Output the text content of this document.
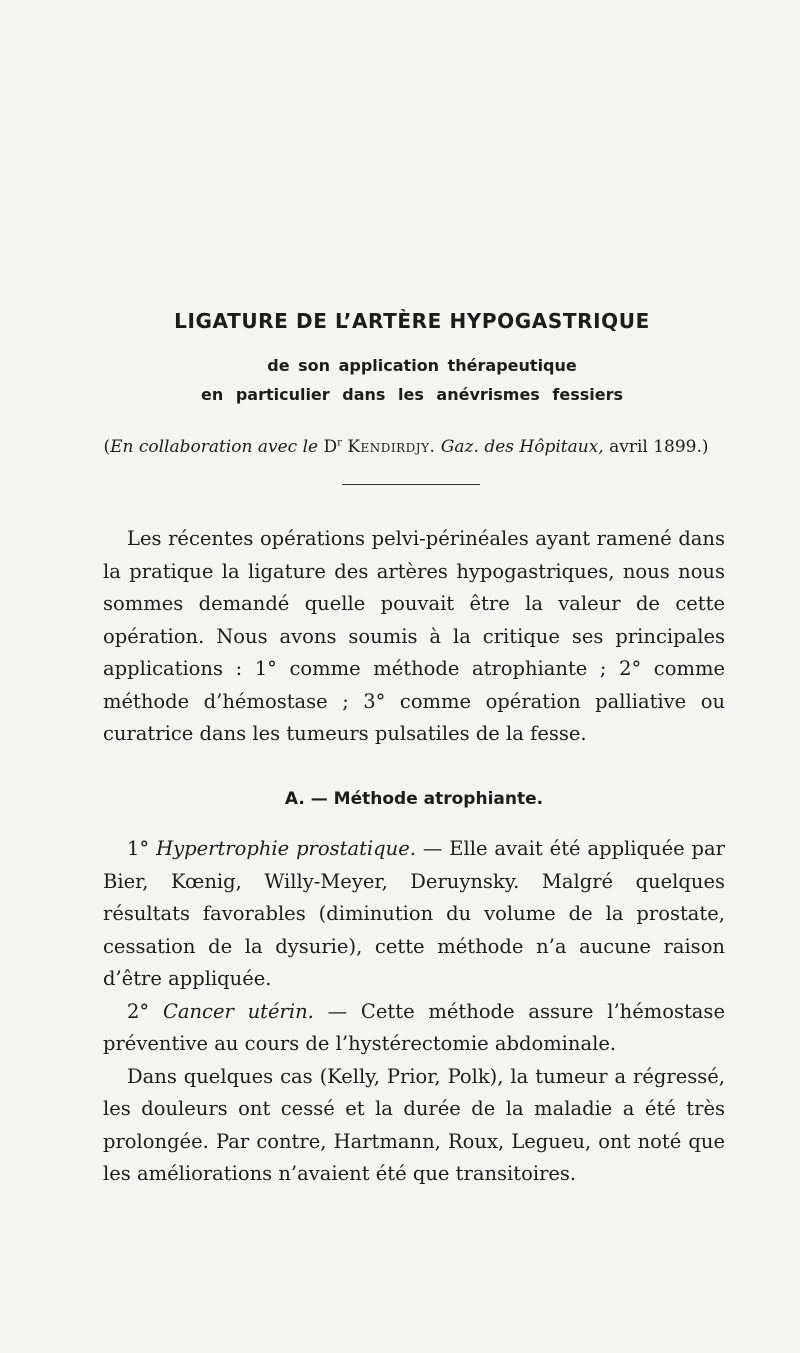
LIGATURE DE L’ARTÈRE HYPOGASTRIQUE
de son application thérapeutique
en particulier dans les anévrismes fessiers
(En collaboration avec le $D^r$ Kendirdjy. Gaz. des Hôpitaux, avril 1899.)

Les récentes opérations pelvi-périnéales ayant ramené dans la pratique la ligature des artères hypogastriques, nous nous sommes demandé quelle pouvait être la valeur de cette opération. Nous avons soumis à la critique ses principales applications : 1° comme méthode atrophiante ; 2° comme méthode d’hémostase ; 3° comme opération palliative ou curatrice dans les tumeurs pulsatiles de la fesse.

A. — Méthode atrophiante.

1° Hypertrophie prostatique. — Elle avait été appliquée par Bier, Kœnig, Willy-Meyer, Deruynsky. Malgré quelques résultats favorables (diminution du volume de la prostate, cessation de la dysurie), cette méthode n’a aucune raison d’être appliquée.

2° Cancer utérin. — Cette méthode assure l’hémostase préventive au cours de l’hystérectomie abdominale.

Dans quelques cas (Kelly, Prior, Polk), la tumeur a régressé, les douleurs ont cessé et la durée de la maladie a été très prolongée. Par contre, Hartmann, Roux, Legueu, ont noté que les améliorations n’avaient été que transitoires.
